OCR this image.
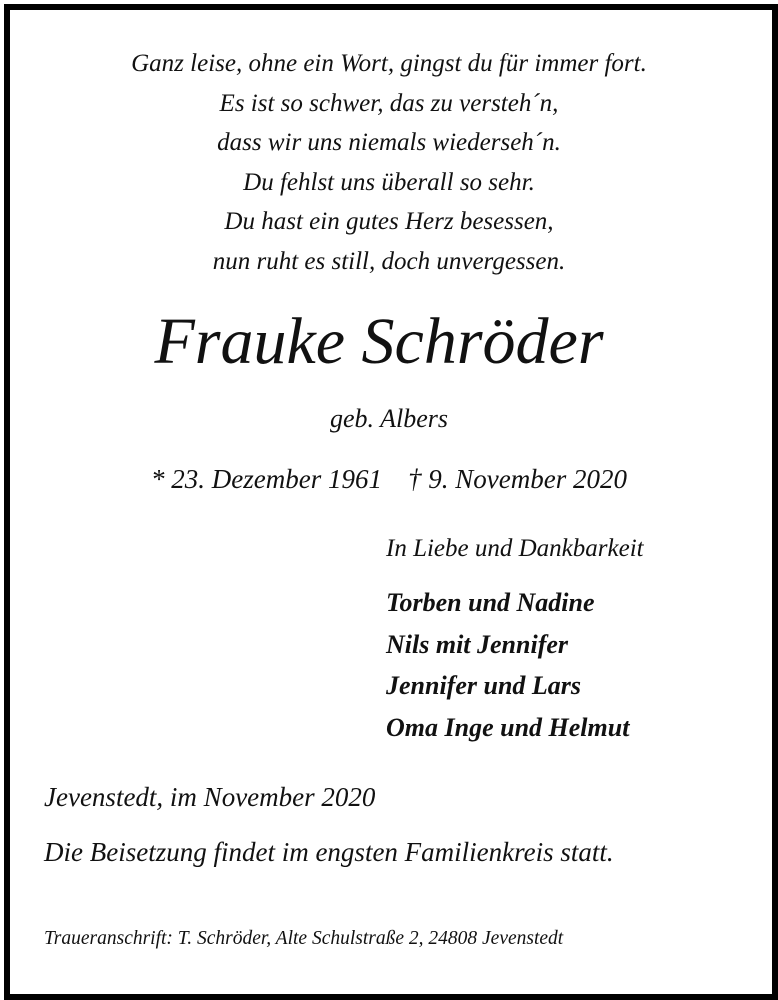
Ganz leise, ohne ein Wort, gingst du für immer fort.
Es ist so schwer, das zu versteh´n,
dass wir uns niemals wiederseh´n.
Du fehlst uns überall so sehr.
Du hast ein gutes Herz besessen,
nun ruht es still, doch unvergessen.
Frauke Schröder
geb. Albers
* 23. Dezember 1961 † 9. November 2020
In Liebe und Dankbarkeit
Torben und Nadine
Nils mit Jennifer
Jennifer und Lars
Oma Inge und Helmut
Jevenstedt, im November 2020
Die Beisetzung findet im engsten Familienkreis statt.
Traueranschrift: T. Schröder, Alte Schulstraße 2, 24808 Jevenstedt
